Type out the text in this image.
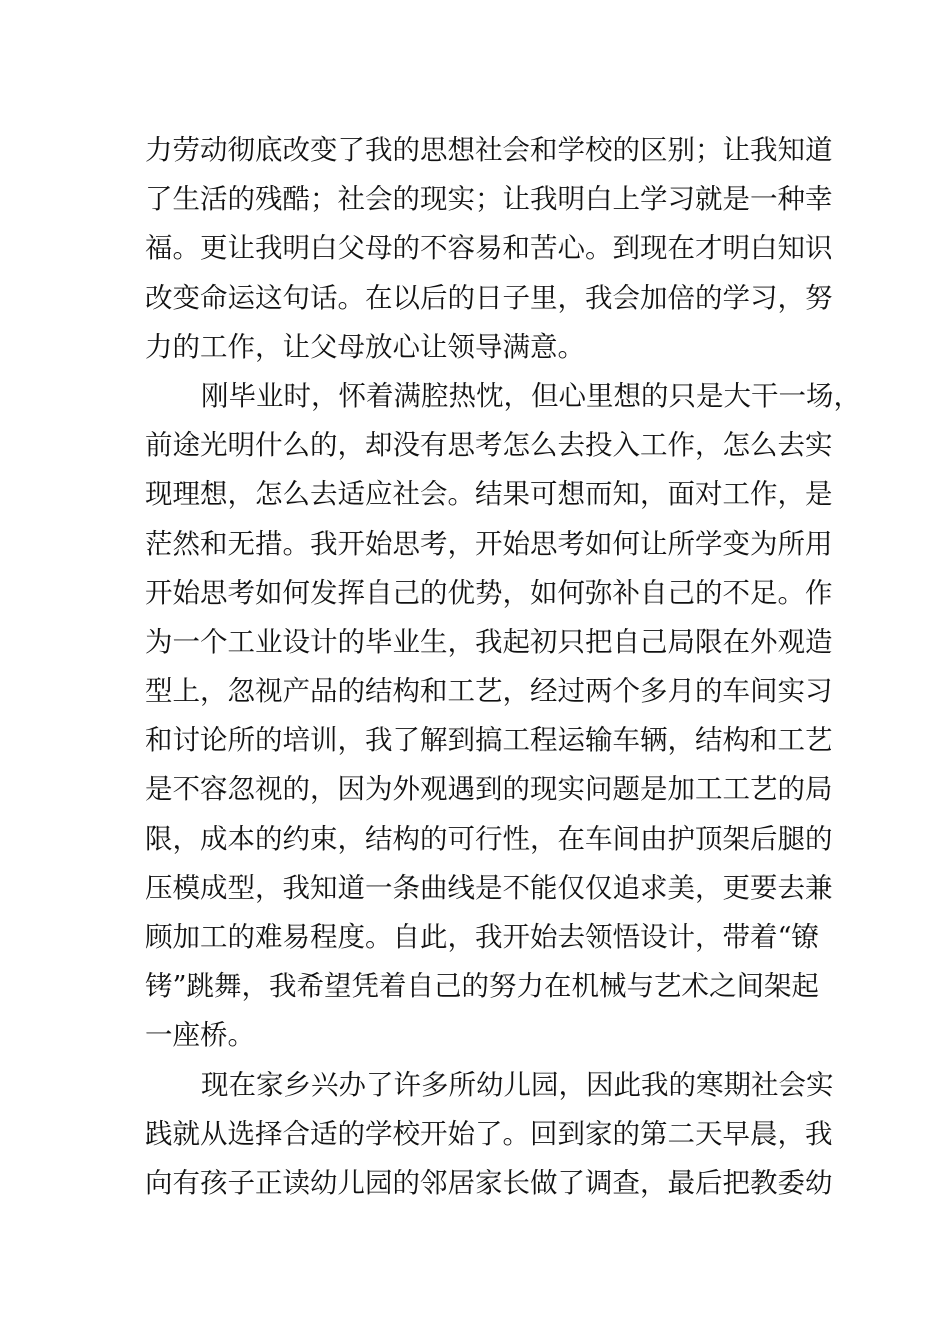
力劳动彻底改变了我的思想社会和学校的区别；让我知道
了生活的残酷；社会的现实；让我明白上学习就是一种幸
福。更让我明白父母的不容易和苦心。到现在才明白知识
改变命运这句话。在以后的日子里，我会加倍的学习，努
力的工作，让父母放心让领导满意。
刚毕业时，怀着满腔热忱，但心里想的只是大干一场，
前途光明什么的，却没有思考怎么去投入工作，怎么去实
现理想，怎么去适应社会。结果可想而知，面对工作，是
茫然和无措。我开始思考，开始思考如何让所学变为所用
开始思考如何发挥自己的优势，如何弥补自己的不足。作
为一个工业设计的毕业生，我起初只把自己局限在外观造
型上，忽视产品的结构和工艺，经过两个多月的车间实习
和讨论所的培训，我了解到搞工程运输车辆，结构和工艺
是不容忽视的，因为外观遇到的现实问题是加工工艺的局
限，成本的约束，结构的可行性，在车间由护顶架后腿的
压模成型，我知道一条曲线是不能仅仅追求美，更要去兼
顾加工的难易程度。自此，我开始去领悟设计，带着“镣
铐”跳舞，我希望凭着自己的努力在机械与艺术之间架起
一座桥。
现在家乡兴办了许多所幼儿园，因此我的寒期社会实
践就从选择合适的学校开始了。回到家的第二天早晨，我
向有孩子正读幼儿园的邻居家长做了调查，最后把教委幼
